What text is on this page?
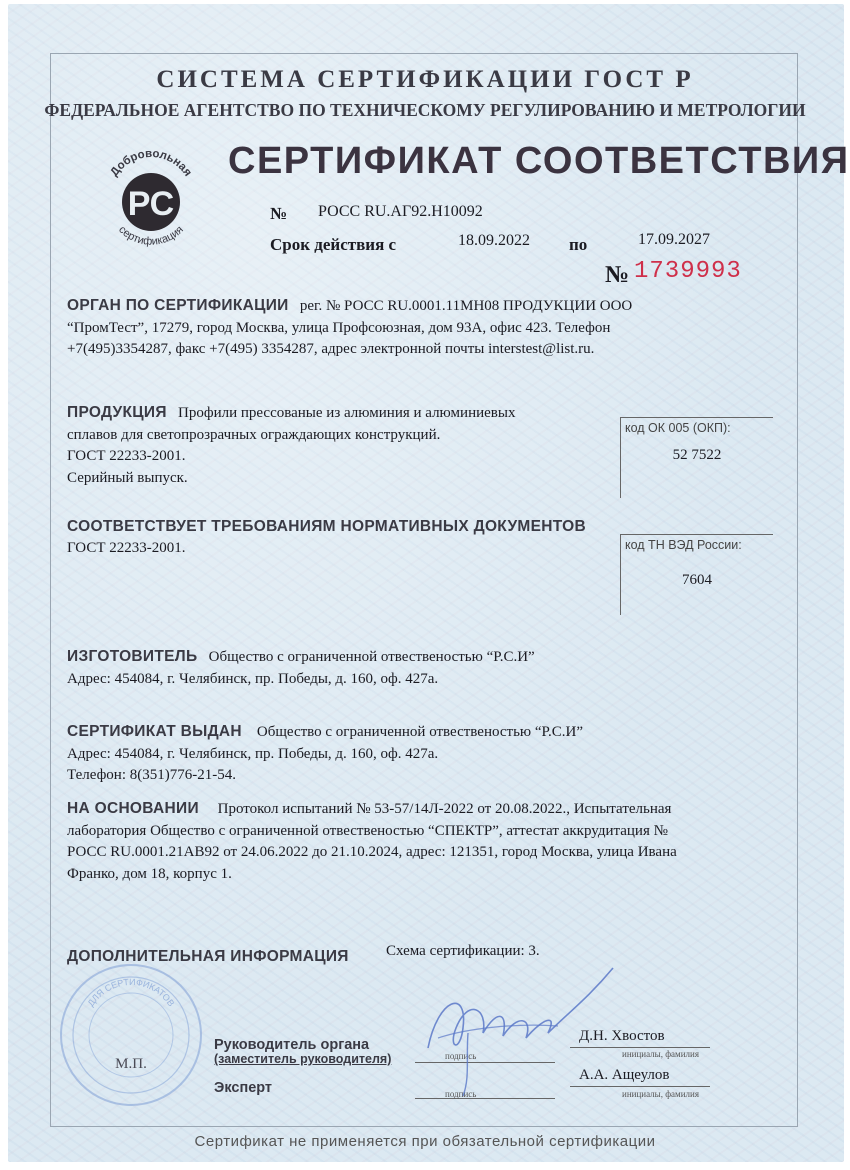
СИСТЕМА СЕРТИФИКАЦИИ ГОСТ Р
ФЕДЕРАЛЬНОЕ АГЕНТСТВО ПО ТЕХНИЧЕСКОМУ РЕГУЛИРОВАНИЮ И МЕТРОЛОГИИ
Добровольная
РС
сертификация
СЕРТИФИКАТ СООТВЕТСТВИЯ
№ РОСС RU.АГ92.Н10092
Срок действия с	18.09.2022 по	17.09.2027
№ 1739993
ОРГАН ПО СЕРТИФИКАЦИИ рег. № РОСС RU.0001.11МН08 ПРОДУКЦИИ ООО
“ПромТест”, 17279, город Москва, улица Профсоюзная, дом 93А, офис 423. Телефон
+7(495)3354287, факс +7(495) 3354287, адрес электронной почты interstest@list.ru.
ПРОДУКЦИЯ Профили прессованые из алюминия и алюминиевых
сплавов для светопрозрачных ограждающих конструкций.
ГОСТ 22233-2001.
Серийный выпуск.
код ОК 005 (ОКП):
52 7522
СООТВЕТСТВУЕТ ТРЕБОВАНИЯМ НОРМАТИВНЫХ ДОКУМЕНТОВ
ГОСТ 22233-2001.	код ТН ВЭД России:
7604
ИЗГОТОВИТЕЛЬ Общество с ограниченной отвественостью “Р.С.И”
Адрес: 454084, г. Челябинск, пр. Победы, д. 160, оф. 427а.
СЕРТИФИКАТ ВЫДАН Общество с ограниченной отвественостью “Р.С.И”
Адрес: 454084, г. Челябинск, пр. Победы, д. 160, оф. 427а.
Телефон: 8(351)776-21-54.
НА ОСНОВАНИИ Протокол испытаний № 53-57/14Л-2022 от 20.08.2022., Испытательная
лаборатория Общество с ограниченной отвественостью “СПЕКТР”, аттестат аккрудитация №
РОСС RU.0001.21АВ92 от 24.06.2022 до 21.10.2024, адрес: 121351, город Москва, улица Ивана
Франко, дом 18, корпус 1.
ДОПОЛНИТЕЛЬНАЯ ИНФОРМАЦИЯ Схема сертификации: 3.
ДЛЯ СЕРТИФИКАТОВ
М.П.
Руководитель органа
(заместитель руководителя)
Эксперт
подпись
подпись
Д.Н. Хвостов
инициалы, фамилия
А.А. Ащеулов
инициалы, фамилия
Сертификат не применяется при обязательной сертификации
